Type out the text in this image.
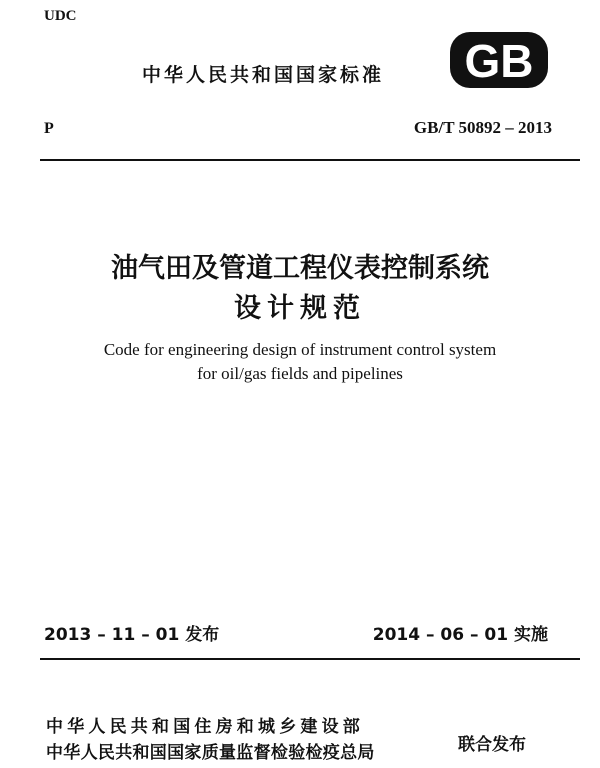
UDC
中华人民共和国国家标准 GB
P	GB/T 50892 – 2013
油气田及管道工程仪表控制系统
设计规范
Code for engineering design of instrument control system
for oil/gas fields and pipelines
2013 – 11 – 01 发布	2014 – 06 – 01 实施
中华人民共和国住房和城乡建设部
中华人民共和国国家质量监督检验检疫总局	联合发布
